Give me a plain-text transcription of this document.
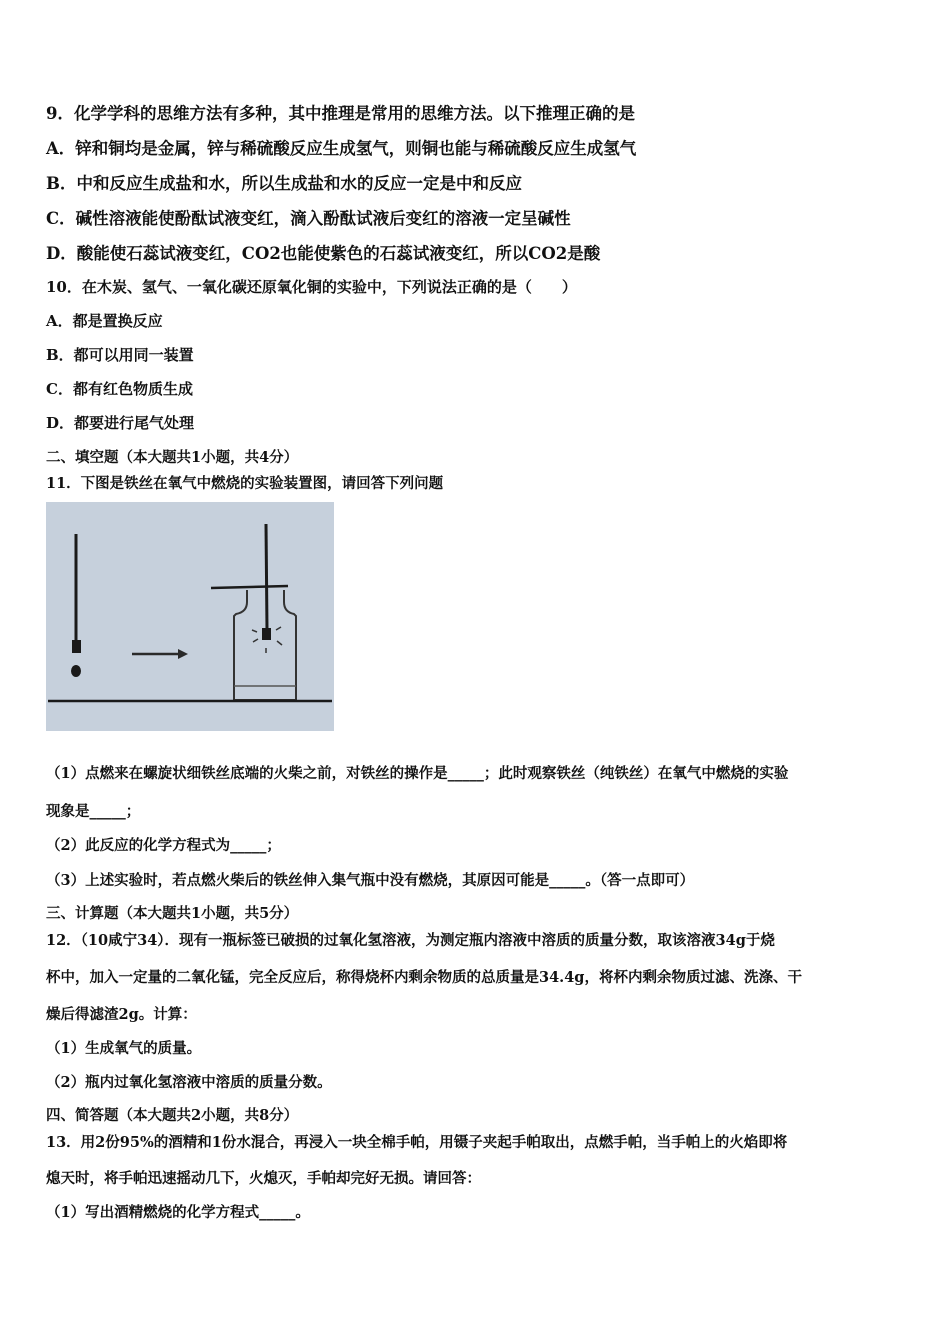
9．化学学科的思维方法有多种，其中推理是常用的思维方法。以下推理正确的是
A．锌和铜均是金属，锌与稀硫酸反应生成氢气，则铜也能与稀硫酸反应生成氢气
B．中和反应生成盐和水，所以生成盐和水的反应一定是中和反应
C．碱性溶液能使酚酞试液变红，滴入酚酞试液后变红的溶液一定呈碱性
D．酸能使石蕊试液变红，CO2也能使紫色的石蕊试液变红，所以CO2是酸
10．在木炭、氢气、一氧化碳还原氧化铜的实验中，下列说法正确的是（　　）
A．都是置换反应
B．都可以用同一装置
C．都有红色物质生成
D．都要进行尾气处理
二、填空题（本大题共1小题，共4分）
11．下图是铁丝在氧气中燃烧的实验装置图，请回答下列问题
（1）点燃来在螺旋状细铁丝底端的火柴之前，对铁丝的操作是_____；此时观察铁丝（纯铁丝）在氧气中燃烧的实验
现象是_____；
（2）此反应的化学方程式为_____；
（3）上述实验时，若点燃火柴后的铁丝伸入集气瓶中没有燃烧，其原因可能是_____。（答一点即可）
三、计算题（本大题共1小题，共5分）
12．（10咸宁34）．现有一瓶标签已破损的过氧化氢溶液，为测定瓶内溶液中溶质的质量分数，取该溶液34g于烧
杯中，加入一定量的二氧化锰，完全反应后，称得烧杯内剩余物质的总质量是34.4g，将杯内剩余物质过滤、洗涤、干
燥后得滤渣2g。计算：
（1）生成氧气的质量。
（2）瓶内过氧化氢溶液中溶质的质量分数。
四、简答题（本大题共2小题，共8分）
13．用2份95%的酒精和1份水混合，再浸入一块全棉手帕，用镊子夹起手帕取出，点燃手帕，当手帕上的火焰即将
熄天时，将手帕迅速摇动几下，火熄灭，手帕却完好无损。请回答：
（1）写出酒精燃烧的化学方程式_____。
